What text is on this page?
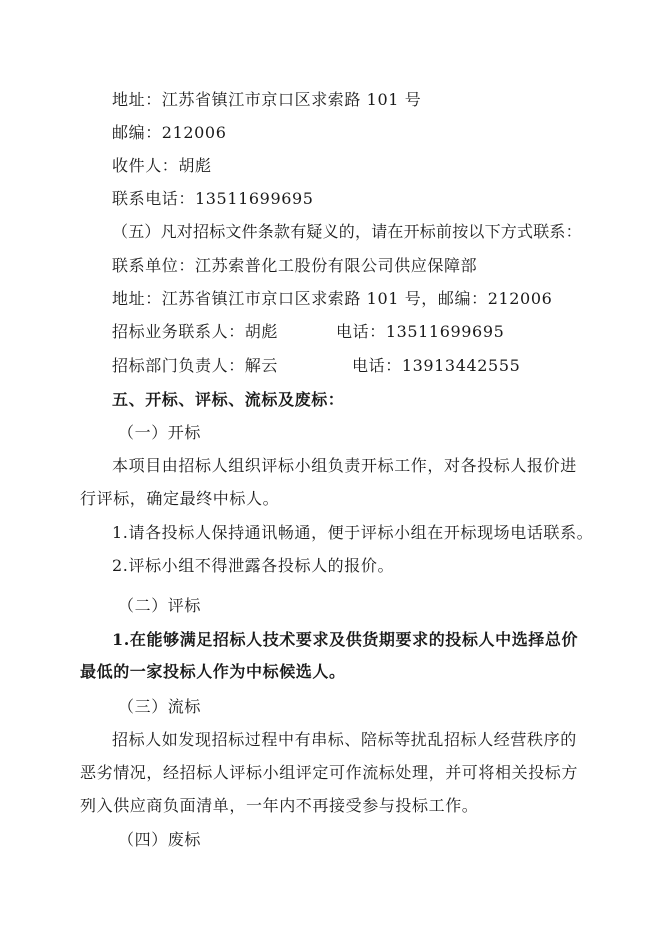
地址：江苏省镇江市京口区求索路 101 号
邮编：212006
收件人：胡彪
联系电话：13511699695
（五）凡对招标文件条款有疑义的，请在开标前按以下方式联系：
联系单位：江苏索普化工股份有限公司供应保障部
地址：江苏省镇江市京口区求索路 101 号，邮编：212006
招标业务联系人：胡彪	电话：13511699695
招标部门负责人：解云	电话：13913442555
五、开标、评标、流标及废标：
（一）开标
本项目由招标人组织评标小组负责开标工作，对各投标人报价进
行评标，确定最终中标人。
1.请各投标人保持通讯畅通，便于评标小组在开标现场电话联系。
2.评标小组不得泄露各投标人的报价。
（二）评标
1.在能够满足招标人技术要求及供货期要求的投标人中选择总价
最低的一家投标人作为中标候选人。
（三）流标
招标人如发现招标过程中有串标、陪标等扰乱招标人经营秩序的
恶劣情况，经招标人评标小组评定可作流标处理，并可将相关投标方
列入供应商负面清单，一年内不再接受参与投标工作。
（四）废标
